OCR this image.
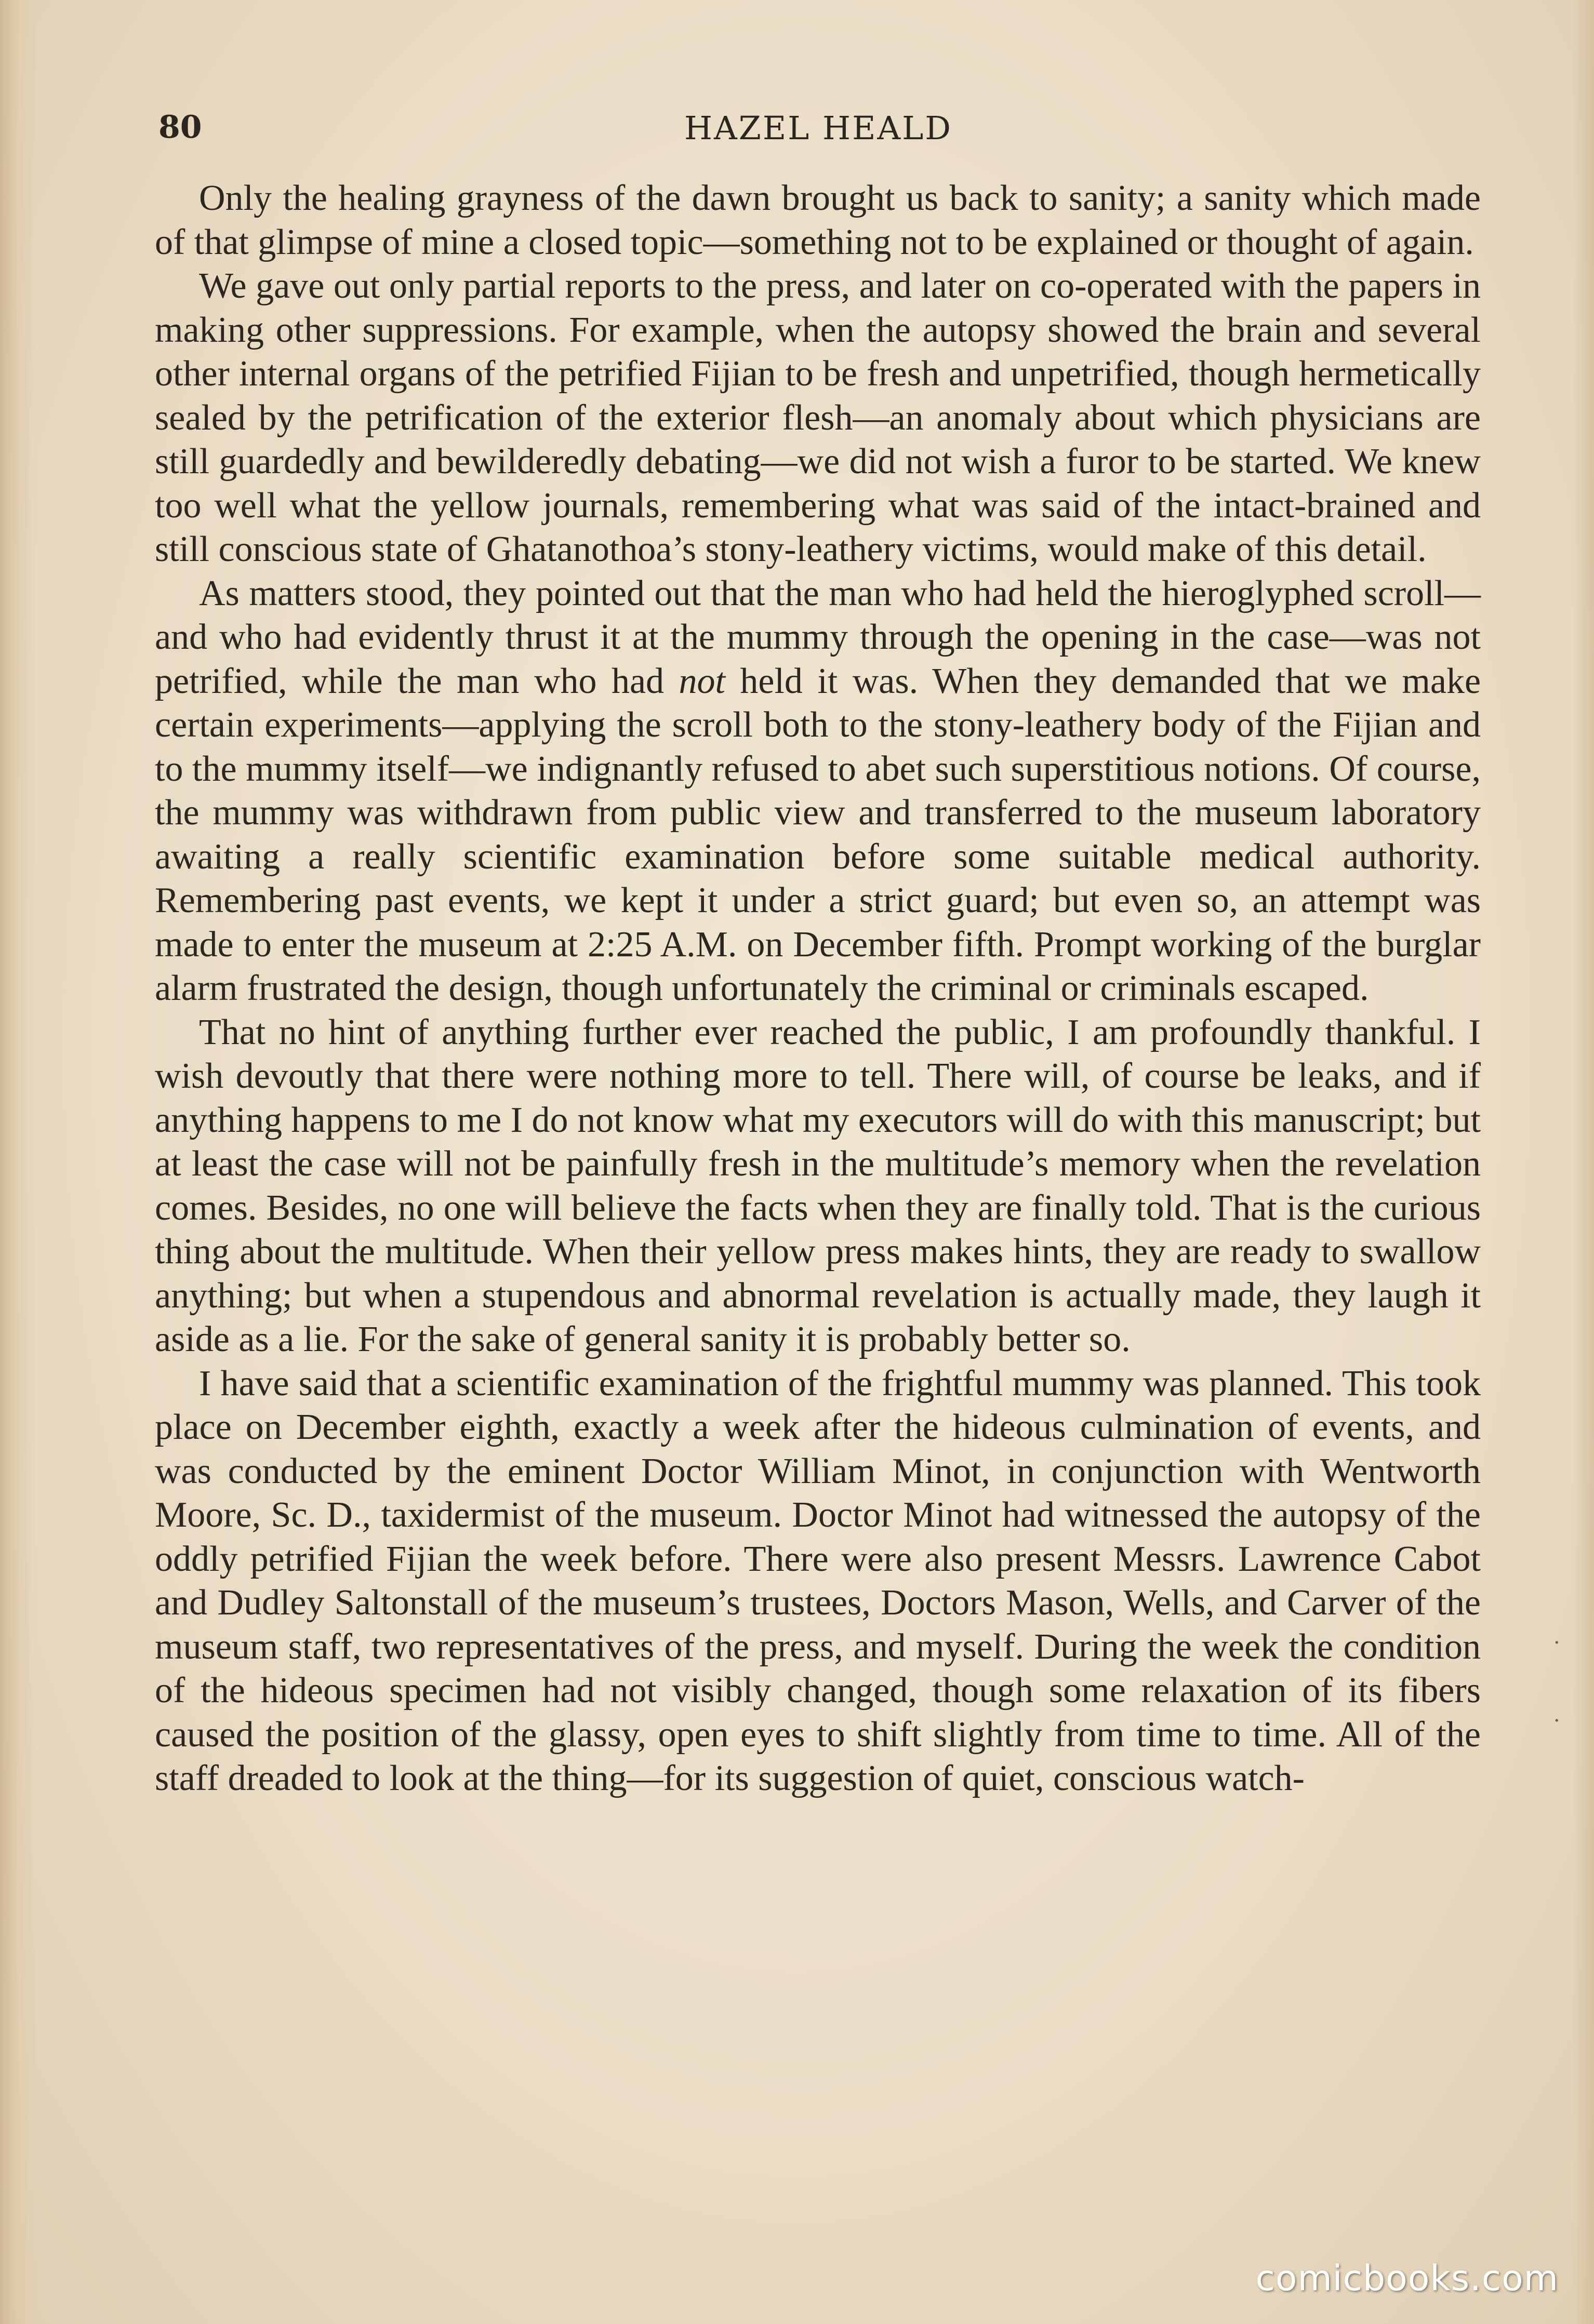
80	HAZEL HEALD

Only the healing grayness of the dawn brought us back to sanity; a sanity which made of that glimpse of mine a closed topic—something not to be explained or thought of again.

We gave out only partial reports to the press, and later on co-operated with the papers in making other suppressions. For example, when the autopsy showed the brain and several other internal organs of the petrified Fijian to be fresh and unpetrified, though hermetically sealed by the petrification of the exterior flesh—an anomaly about which physicians are still guardedly and bewilderedly debating—we did not wish a furor to be started. We knew too well what the yellow journals, remembering what was said of the intact-brained and still conscious state of Ghatanothoa’s stony-leathery victims, would make of this detail.

As matters stood, they pointed out that the man who had held the hieroglyphed scroll—and who had evidently thrust it at the mummy through the opening in the case—was not petrified, while the man who had not held it was. When they demanded that we make certain experiments—applying the scroll both to the stony-leathery body of the Fijian and to the mummy itself—we indignantly refused to abet such superstitious notions. Of course, the mummy was withdrawn from public view and transferred to the museum laboratory awaiting a really scientific examination before some suitable medical authority. Remembering past events, we kept it under a strict guard; but even so, an attempt was made to enter the museum at 2:25 A.M. on December fifth. Prompt working of the burglar alarm frustrated the design, though unfortunately the criminal or criminals escaped.

That no hint of anything further ever reached the public, I am profoundly thankful. I wish devoutly that there were nothing more to tell. There will, of course be leaks, and if anything happens to me I do not know what my executors will do with this manuscript; but at least the case will not be painfully fresh in the multitude’s memory when the revelation comes. Besides, no one will believe the facts when they are finally told. That is the curious thing about the multitude. When their yellow press makes hints, they are ready to swallow anything; but when a stupendous and abnormal revelation is actually made, they laugh it aside as a lie. For the sake of general sanity it is probably better so.

I have said that a scientific examination of the frightful mummy was planned. This took place on December eighth, exactly a week after the hideous culmination of events, and was conducted by the eminent Doctor William Minot, in conjunction with Wentworth Moore, Sc. D., taxidermist of the museum. Doctor Minot had witnessed the autopsy of the oddly petrified Fijian the week before. There were also present Messrs. Lawrence Cabot and Dudley Saltonstall of the museum’s trustees, Doctors Mason, Wells, and Carver of the museum staff, two representatives of the press, and myself. During the week the condition of the hideous specimen had not visibly changed, though some relaxation of its fibers caused the position of the glassy, open eyes to shift slightly from time to time. All of the staff dreaded to look at the thing—for its suggestion of quiet, conscious watch-

·
·
comicbooks.com
